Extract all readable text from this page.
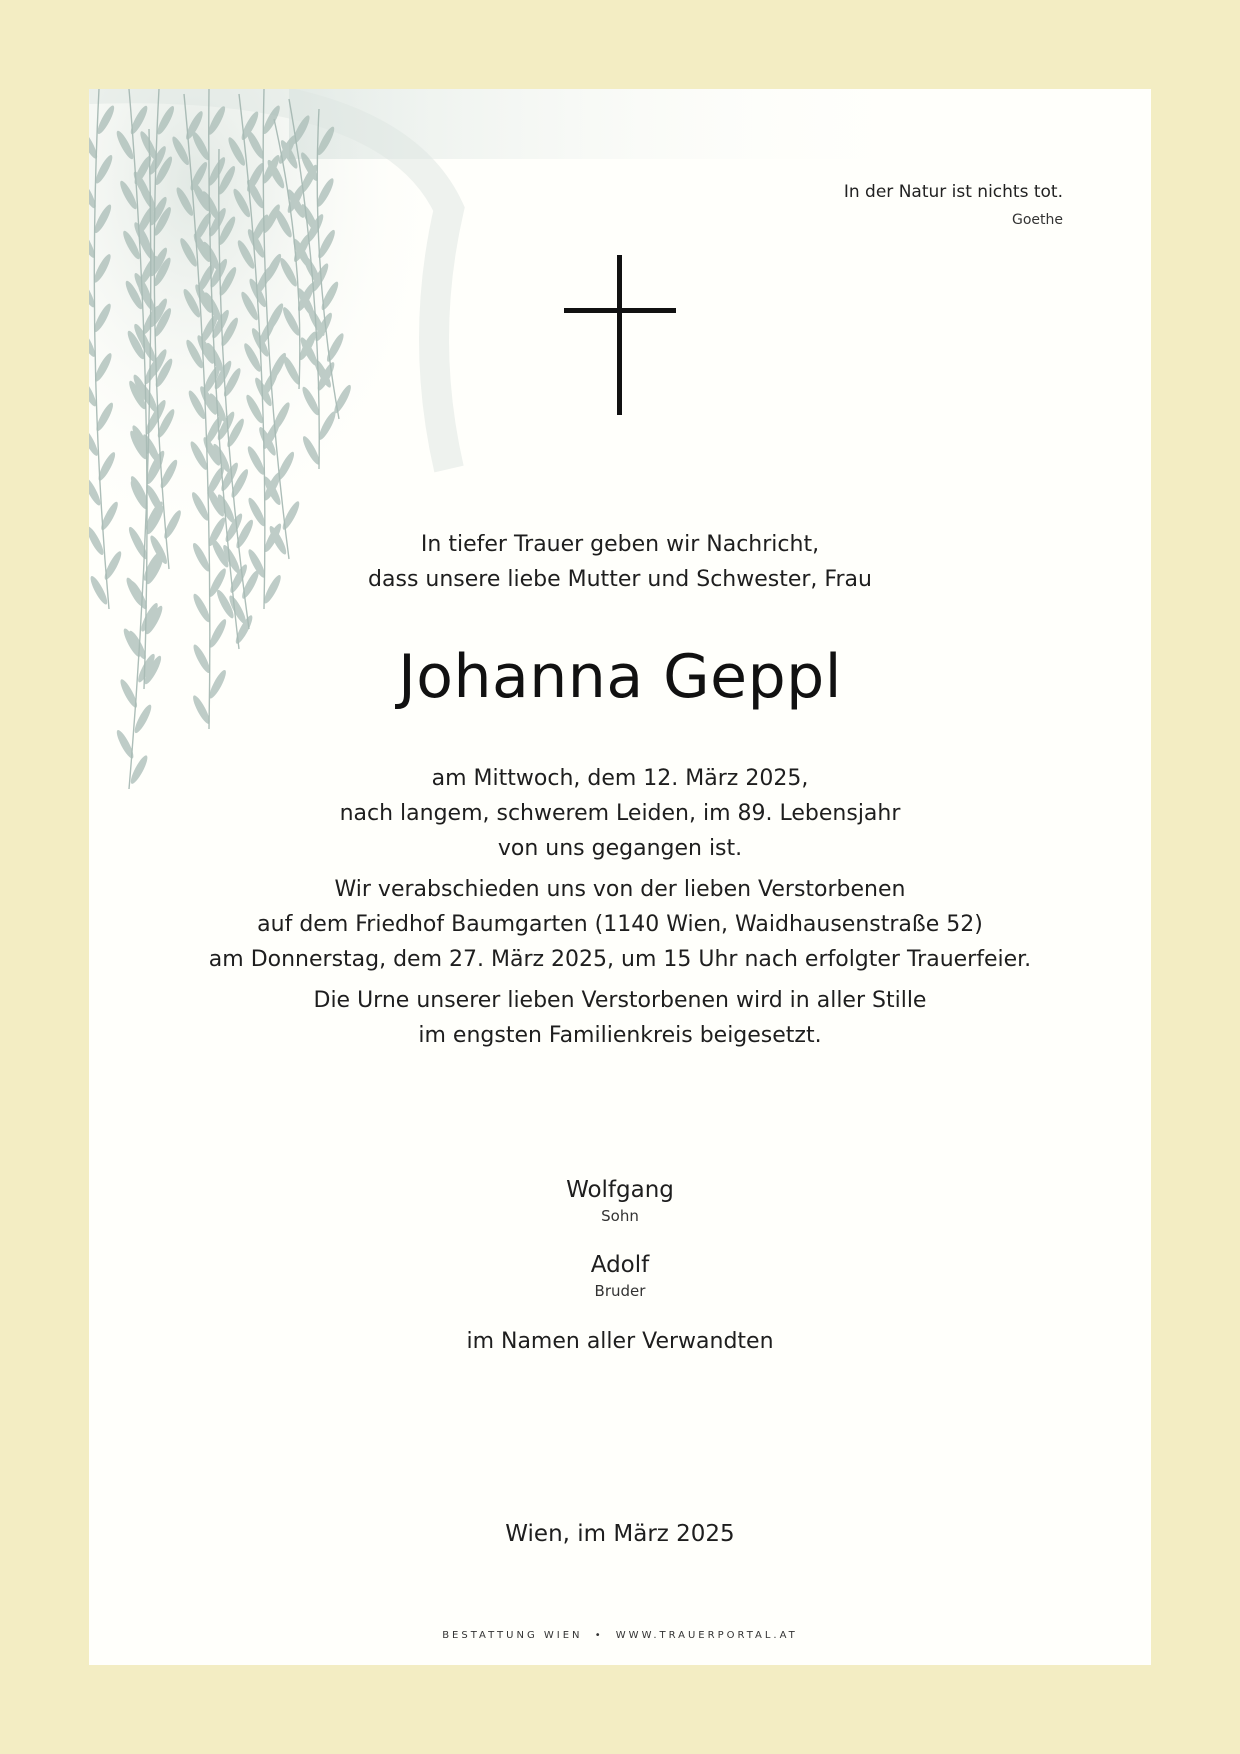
In der Natur ist nichts tot.
Goethe
In tiefer Trauer geben wir Nachricht,
dass unsere liebe Mutter und Schwester, Frau
Johanna Geppl
am Mittwoch, dem 12. März 2025,
nach langem, schwerem Leiden, im 89. Lebensjahr
von uns gegangen ist.
Wir verabschieden uns von der lieben Verstorbenen
auf dem Friedhof Baumgarten (1140 Wien, Waidhausenstraße 52)
am Donnerstag, dem 27. März 2025, um 15 Uhr nach erfolgter Trauerfeier.
Die Urne unserer lieben Verstorbenen wird in aller Stille
im engsten Familienkreis beigesetzt.
Wolfgang
Sohn
Adolf
Bruder
im Namen aller Verwandten
Wien, im März 2025
BESTATTUNG WIEN • WWW.TRAUERPORTAL.AT
